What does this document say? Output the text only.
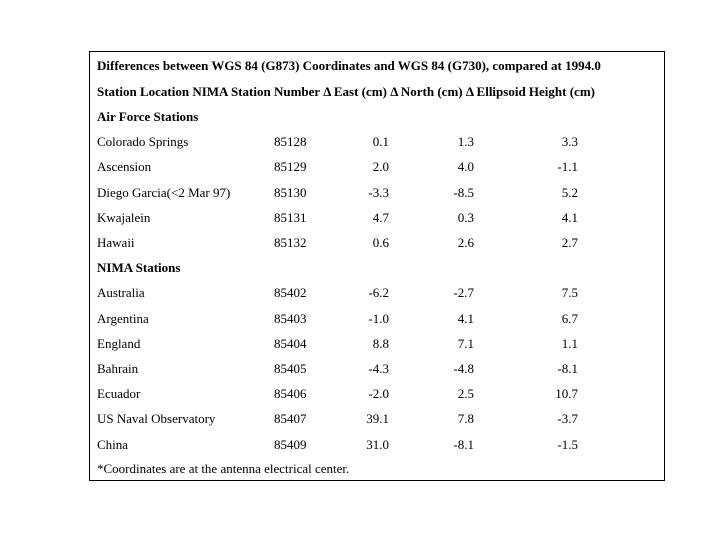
Differences between WGS 84 (G873) Coordinates and WGS 84 (G730), compared at 1994.0
Station Location NIMA Station Number Δ East (cm) Δ North (cm) Δ Ellipsoid Height (cm)
Air Force Stations
Colorado Springs	85128	0.1	1.3	3.3
Ascension	85129	2.0	4.0	-1.1
Diego Garcia(<2 Mar 97)	85130	-3.3	-8.5	5.2
Kwajalein	85131	4.7	0.3	4.1
Hawaii	85132	0.6	2.6	2.7
NIMA Stations
Australia	85402	-6.2	-2.7	7.5
Argentina	85403	-1.0	4.1	6.7
England	85404	8.8	7.1	1.1
Bahrain	85405	-4.3	-4.8	-8.1
Ecuador	85406	-2.0	2.5	10.7
US Naval Observatory	85407	39.1	7.8	-3.7
China	85409	31.0	-8.1	-1.5
*Coordinates are at the antenna electrical center.
